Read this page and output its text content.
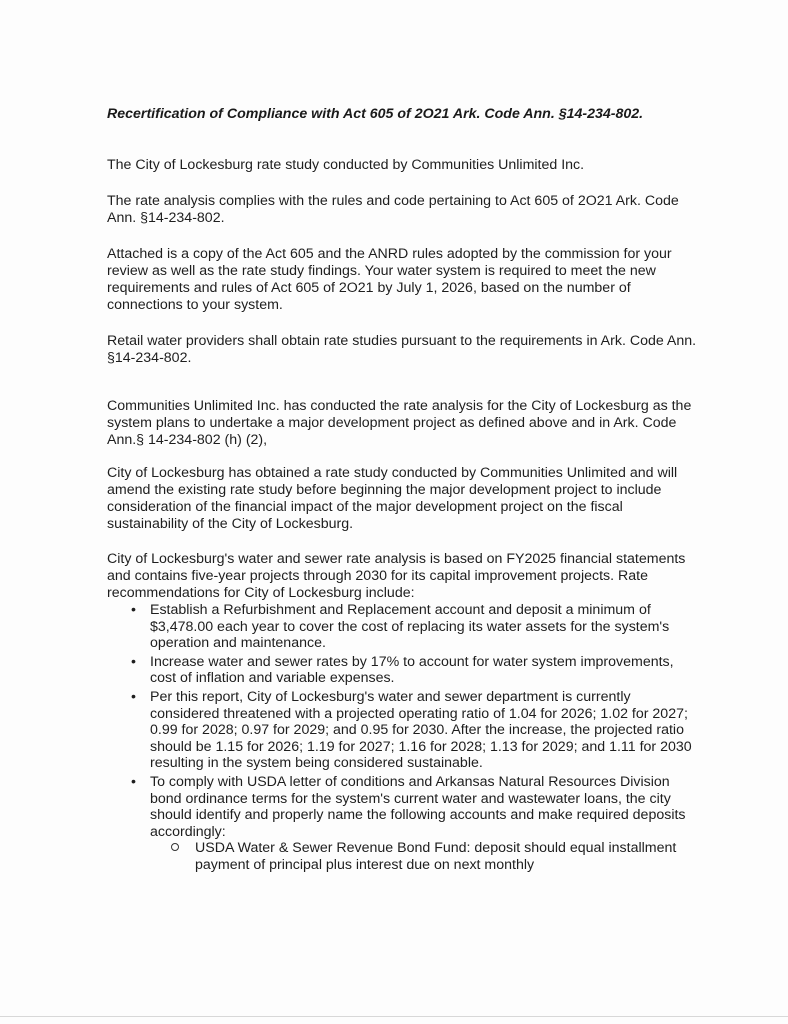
Recertification of Compliance with Act 605 of 2O21 Ark. Code Ann. §14-234-802.

The City of Lockesburg rate study conducted by Communities Unlimited Inc.

The rate analysis complies with the rules and code pertaining to Act 605 of 2O21 Ark. Code Ann. §14-234-802.

Attached is a copy of the Act 605 and the ANRD rules adopted by the commission for your review as well as the rate study findings. Your water system is required to meet the new requirements and rules of Act 605 of 2O21 by July 1, 2026, based on the number of connections to your system.

Retail water providers shall obtain rate studies pursuant to the requirements in Ark. Code Ann. §14-234-802.

Communities Unlimited Inc. has conducted the rate analysis for the City of Lockesburg as the system plans to undertake a major development project as defined above and in Ark. Code Ann.§ 14-234-802 (h) (2),

City of Lockesburg has obtained a rate study conducted by Communities Unlimited and will amend the existing rate study before beginning the major development project to include consideration of the financial impact of the major development project on the fiscal sustainability of the City of Lockesburg.

City of Lockesburg's water and sewer rate analysis is based on FY2025 financial statements and contains five-year projects through 2030 for its capital improvement projects. Rate recommendations for City of Lockesburg include:

• Establish a Refurbishment and Replacement account and deposit a minimum of $3,478.00 each year to cover the cost of replacing its water assets for the system's operation and maintenance.
• Increase water and sewer rates by 17% to account for water system improvements, cost of inflation and variable expenses.
• Per this report, City of Lockesburg's water and sewer department is currently considered threatened with a projected operating ratio of 1.04 for 2026; 1.02 for 2027; 0.99 for 2028; 0.97 for 2029; and 0.95 for 2030. After the increase, the projected ratio should be 1.15 for 2026; 1.19 for 2027; 1.16 for 2028; 1.13 for 2029; and 1.11 for 2030 resulting in the system being considered sustainable.
• To comply with USDA letter of conditions and Arkansas Natural Resources Division bond ordinance terms for the system's current water and wastewater loans, the city should identify and properly name the following accounts and make required deposits accordingly:
USDA Water & Sewer Revenue Bond Fund: deposit should equal installment payment of principal plus interest due on next monthly
